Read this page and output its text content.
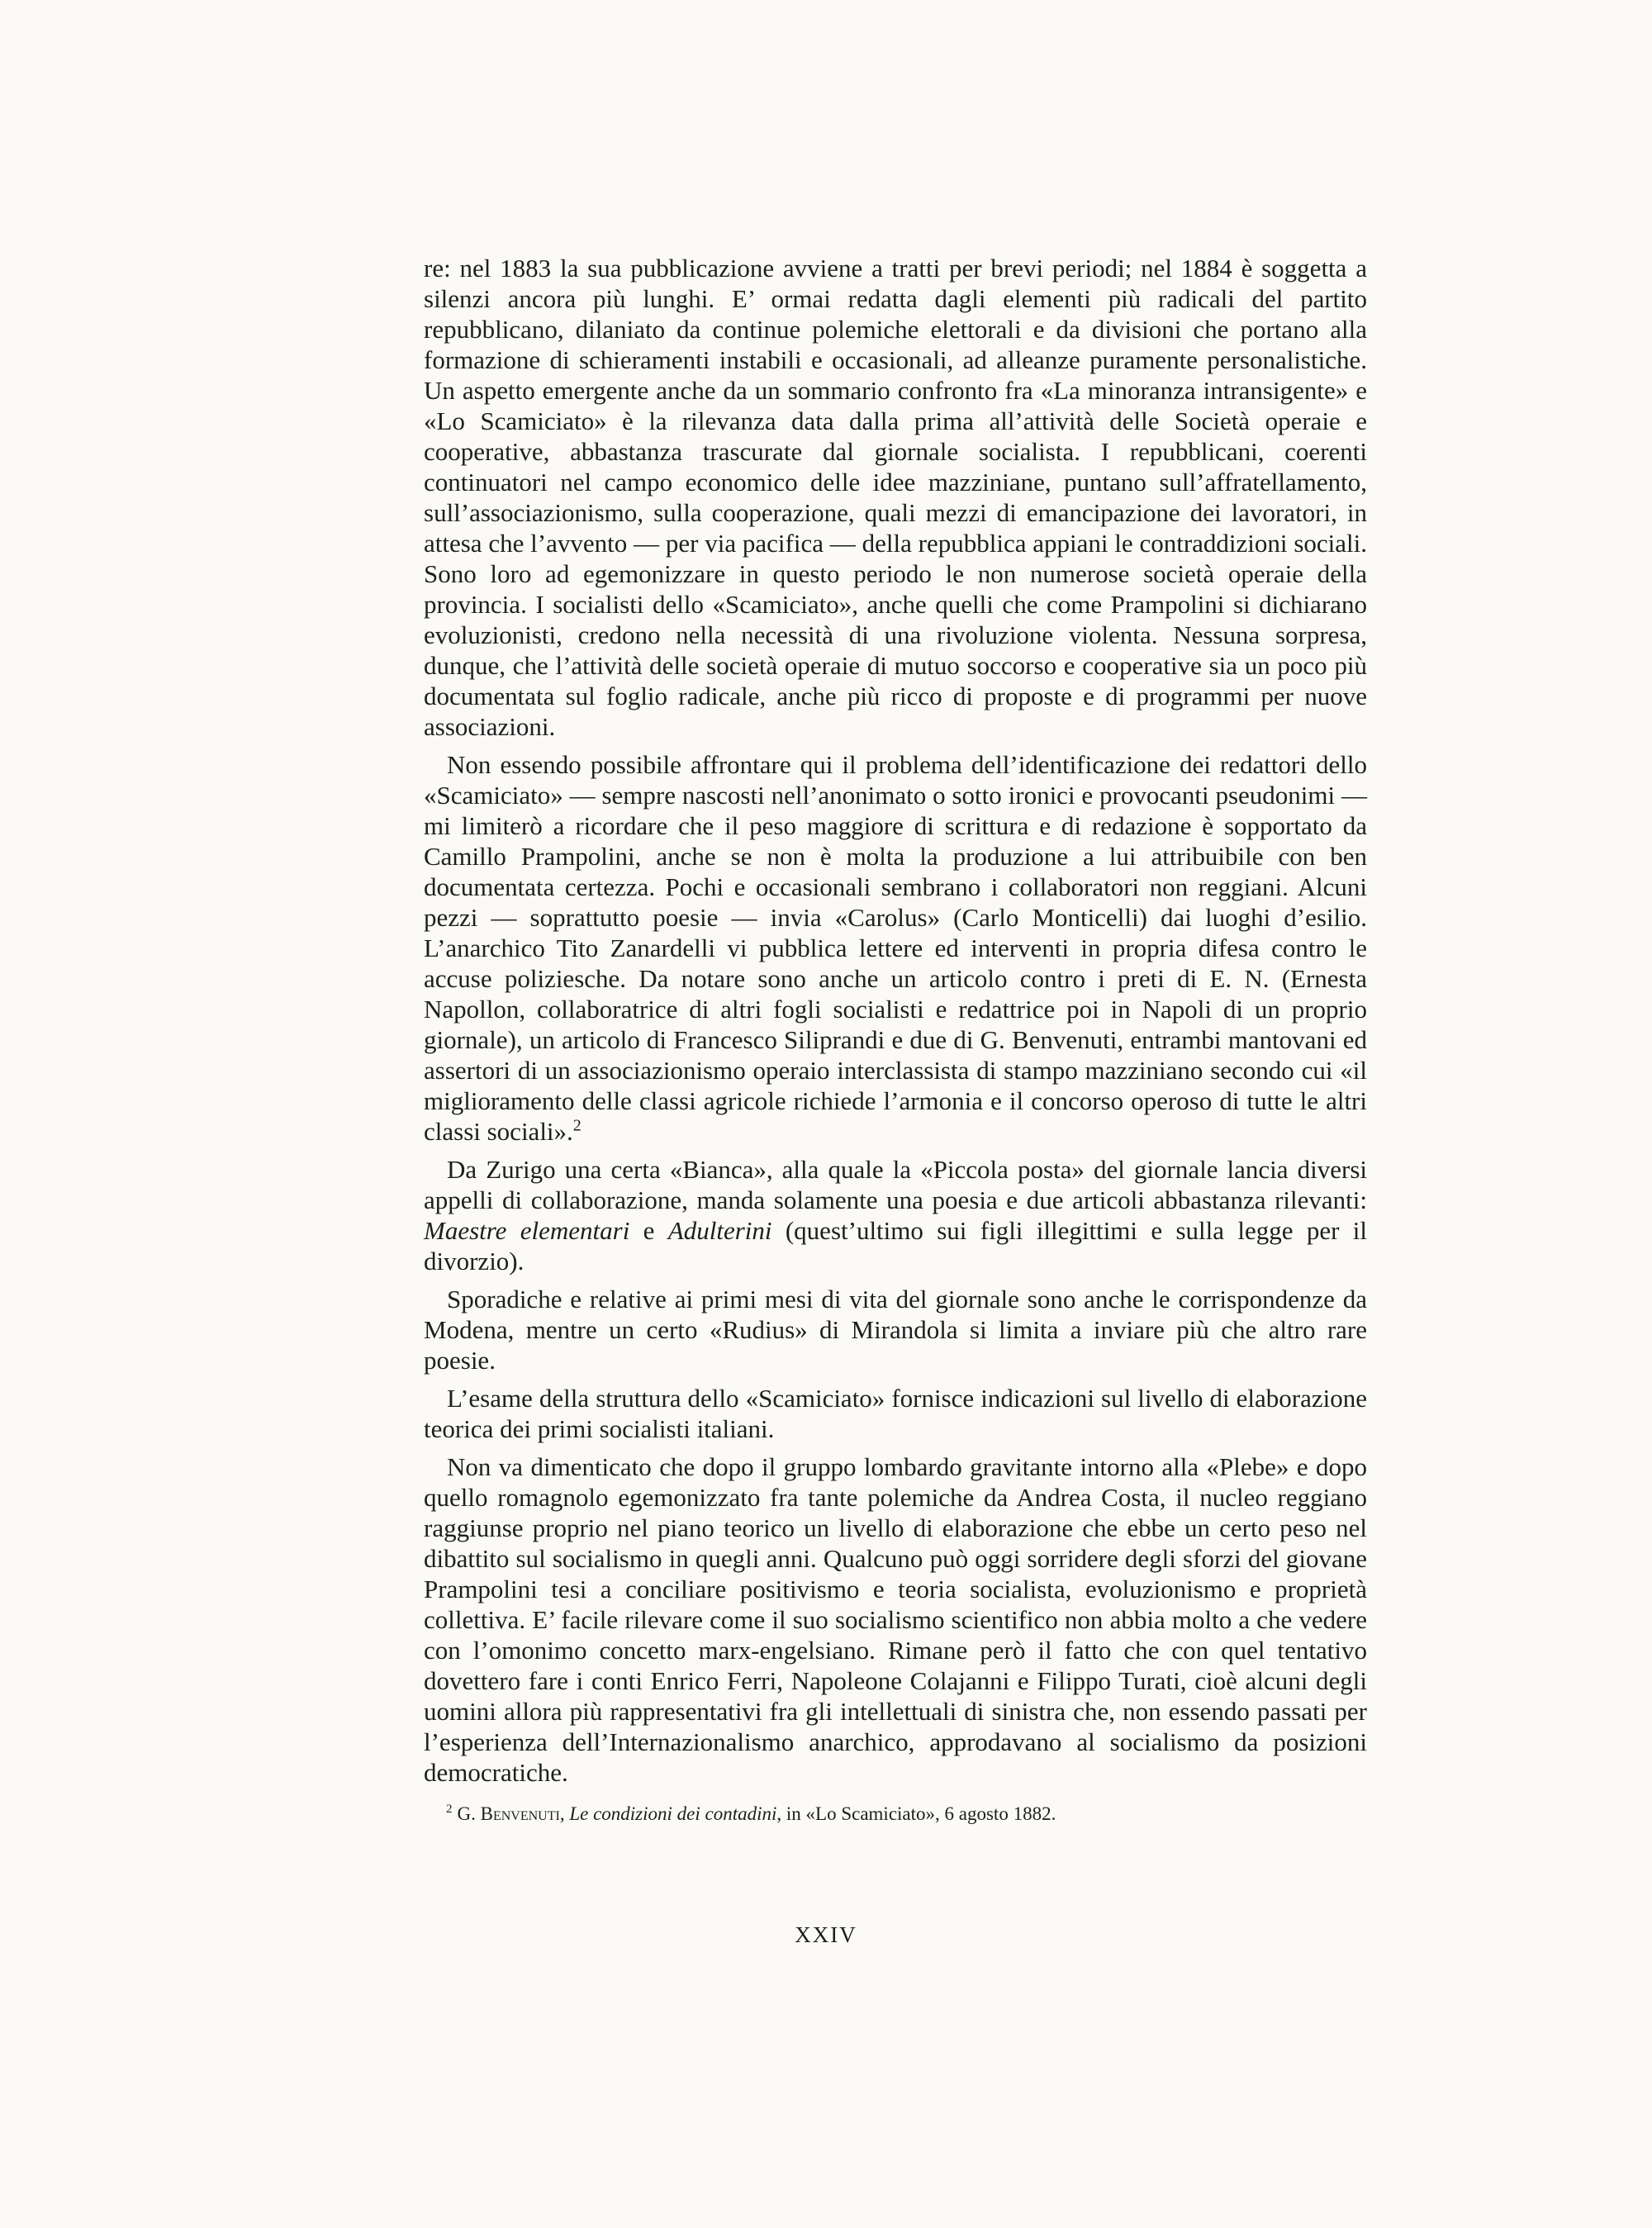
re: nel 1883 la sua pubblicazione avviene a tratti per brevi periodi; nel 1884 è soggetta a silenzi ancora più lunghi. E’ ormai redatta dagli elementi più radicali del partito repubblicano, dilaniato da continue polemiche elettorali e da divisioni che portano alla formazione di schieramenti instabili e occasionali, ad alleanze puramente personalistiche. Un aspetto emergente anche da un sommario confronto fra «La minoranza intransigente» e «Lo Scamiciato» è la rilevanza data dalla prima all’attività delle Società operaie e cooperative, abbastanza trascurate dal giornale socialista. I repubblicani, coerenti continuatori nel campo economico delle idee mazziniane, puntano sull’affratellamento, sull’associazionismo, sulla cooperazione, quali mezzi di emancipazione dei lavoratori, in attesa che l’avvento — per via pacifica — della repubblica appiani le contraddizioni sociali. Sono loro ad egemonizzare in questo periodo le non numerose società operaie della provincia. I socialisti dello «Scamiciato», anche quelli che come Prampolini si dichiarano evoluzionisti, credono nella necessità di una rivoluzione violenta. Nessuna sorpresa, dunque, che l’attività delle società operaie di mutuo soccorso e cooperative sia un poco più documentata sul foglio radicale, anche più ricco di proposte e di programmi per nuove associazioni.

Non essendo possibile affrontare qui il problema dell’identificazione dei redattori dello «Scamiciato» — sempre nascosti nell’anonimato o sotto ironici e provocanti pseudonimi — mi limiterò a ricordare che il peso maggiore di scrittura e di redazione è sopportato da Camillo Prampolini, anche se non è molta la produzione a lui attribuibile con ben documentata certezza. Pochi e occasionali sembrano i collaboratori non reggiani. Alcuni pezzi — soprattutto poesie — invia «Carolus» (Carlo Monticelli) dai luoghi d’esilio. L’anarchico Tito Zanardelli vi pubblica lettere ed interventi in propria difesa contro le accuse poliziesche. Da notare sono anche un articolo contro i preti di E. N. (Ernesta Napollon, collaboratrice di altri fogli socialisti e redattrice poi in Napoli di un proprio giornale), un articolo di Francesco Siliprandi e due di G. Benvenuti, entrambi mantovani ed assertori di un associazionismo operaio interclassista di stampo mazziniano secondo cui «il miglioramento delle classi agricole richiede l’armonia e il concorso operoso di tutte le altri classi sociali».$^2$

Da Zurigo una certa «Bianca», alla quale la «Piccola posta» del giornale lancia diversi appelli di collaborazione, manda solamente una poesia e due articoli abbastanza rilevanti: Maestre elementari e Adulterini (quest’ultimo sui figli illegittimi e sulla legge per il divorzio).

Sporadiche e relative ai primi mesi di vita del giornale sono anche le corrispondenze da Modena, mentre un certo «Rudius» di Mirandola si limita a inviare più che altro rare poesie.

L’esame della struttura dello «Scamiciato» fornisce indicazioni sul livello di elaborazione teorica dei primi socialisti italiani.

Non va dimenticato che dopo il gruppo lombardo gravitante intorno alla «Plebe» e dopo quello romagnolo egemonizzato fra tante polemiche da Andrea Costa, il nucleo reggiano raggiunse proprio nel piano teorico un livello di elaborazione che ebbe un certo peso nel dibattito sul socialismo in quegli anni. Qualcuno può oggi sorridere degli sforzi del giovane Prampolini tesi a conciliare positivismo e teoria socialista, evoluzionismo e proprietà collettiva. E’ facile rilevare come il suo socialismo scientifico non abbia molto a che vedere con l’omonimo concetto marx-engelsiano. Rimane però il fatto che con quel tentativo dovettero fare i conti Enrico Ferri, Napoleone Colajanni e Filippo Turati, cioè alcuni degli uomini allora più rappresentativi fra gli intellettuali di sinistra che, non essendo passati per l’esperienza dell’Internazionalismo anarchico, approdavano al socialismo da posizioni democratiche.

$^2$ G. Benvenuti, Le condizioni dei contadini, in «Lo Scamiciato», 6 agosto 1882.
XXIV
